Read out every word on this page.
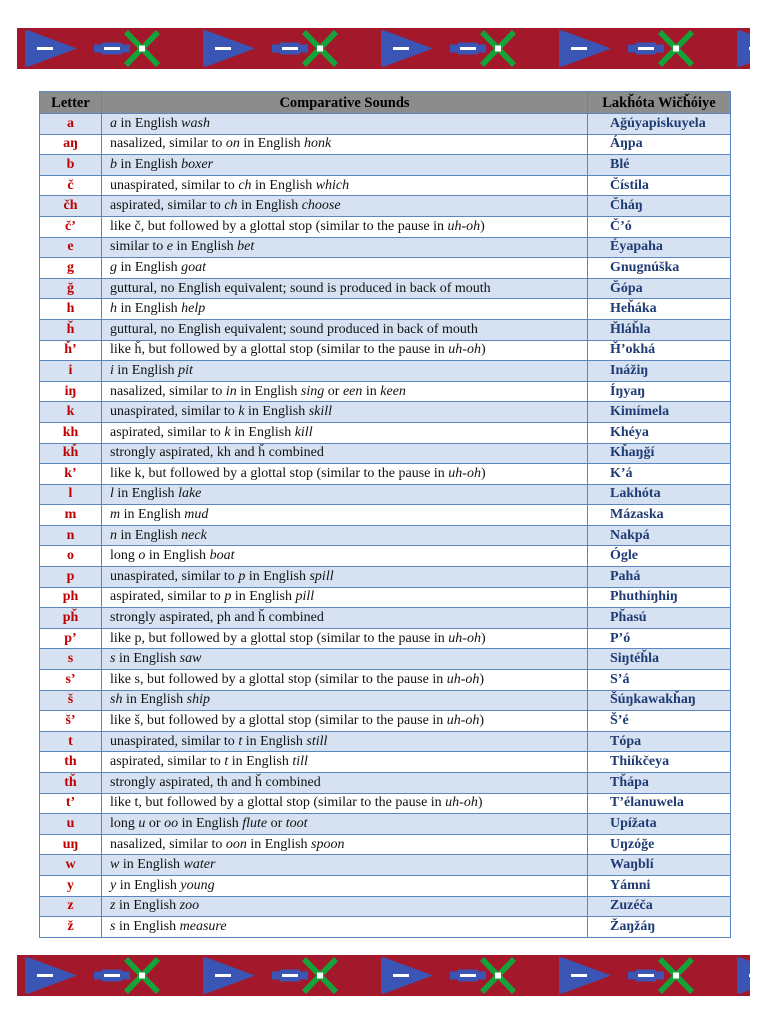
Letter	Comparative Sounds	Lakȟóta Wičȟóiye
a	a in English wash	Ağúyapiskuyela
aŋ	nasalized, similar to on in English honk	Áŋpa
b	b in English boxer	Blé
č	unaspirated, similar to ch in English which	Čístila
čh	aspirated, similar to ch in English choose	Čháŋ
č’	like č, but followed by a glottal stop (similar to the pause in uh-oh)	Č’ó
e	similar to e in English bet	Éyapaha
g	g in English goat	Gnugnúška
ğ	guttural, no English equivalent; sound is produced in back of mouth	Ğópa
h	h in English help	Heȟáka
ȟ	guttural, no English equivalent; sound produced in back of mouth	Ȟláȟla
ȟ’	like ȟ, but followed by a glottal stop (similar to the pause in uh-oh)	Ȟ’okhá
i	i in English pit	Inážiŋ
iŋ	nasalized, similar to in in English sing or een in keen	Íŋyaŋ
k	unaspirated, similar to k in English skill	Kimímela
kh	aspirated, similar to k in English kill	Khéya
kȟ	strongly aspirated, kh and ȟ combined	Kȟaŋğí
k’	like k, but followed by a glottal stop (similar to the pause in uh-oh)	K’á
l	l in English lake	Lakhóta
m	m in English mud	Mázaska
n	n in English neck	Nakpá
o	long o in English boat	Ógle
p	unaspirated, similar to p in English spill	Pahá
ph	aspirated, similar to p in English pill	Phuthíŋhiŋ
pȟ	strongly aspirated, ph and ȟ combined	Pȟasú
p’	like p, but followed by a glottal stop (similar to the pause in uh-oh)	P’ó
s	s in English saw	Siŋtéȟla
s’	like s, but followed by a glottal stop (similar to the pause in uh-oh)	S’á
š	sh in English ship	Šúŋkawakȟaŋ
š’	like š, but followed by a glottal stop (similar to the pause in uh-oh)	Š’é
t	unaspirated, similar to t in English still	Tópa
th	aspirated, similar to t in English till	Thiíkčeya
tȟ	strongly aspirated, th and ȟ combined	Tȟápa
t’	like t, but followed by a glottal stop (similar to the pause in uh-oh)	T’élanuwela
u	long u or oo in English flute or toot	Upížata
uŋ	nasalized, similar to oon in English spoon	Uŋzóğe
w	w in English water	Waŋblí
y	y in English young	Yámni
z	z in English zoo	Zuzéča
ž	s in English measure	Žaŋžáŋ
